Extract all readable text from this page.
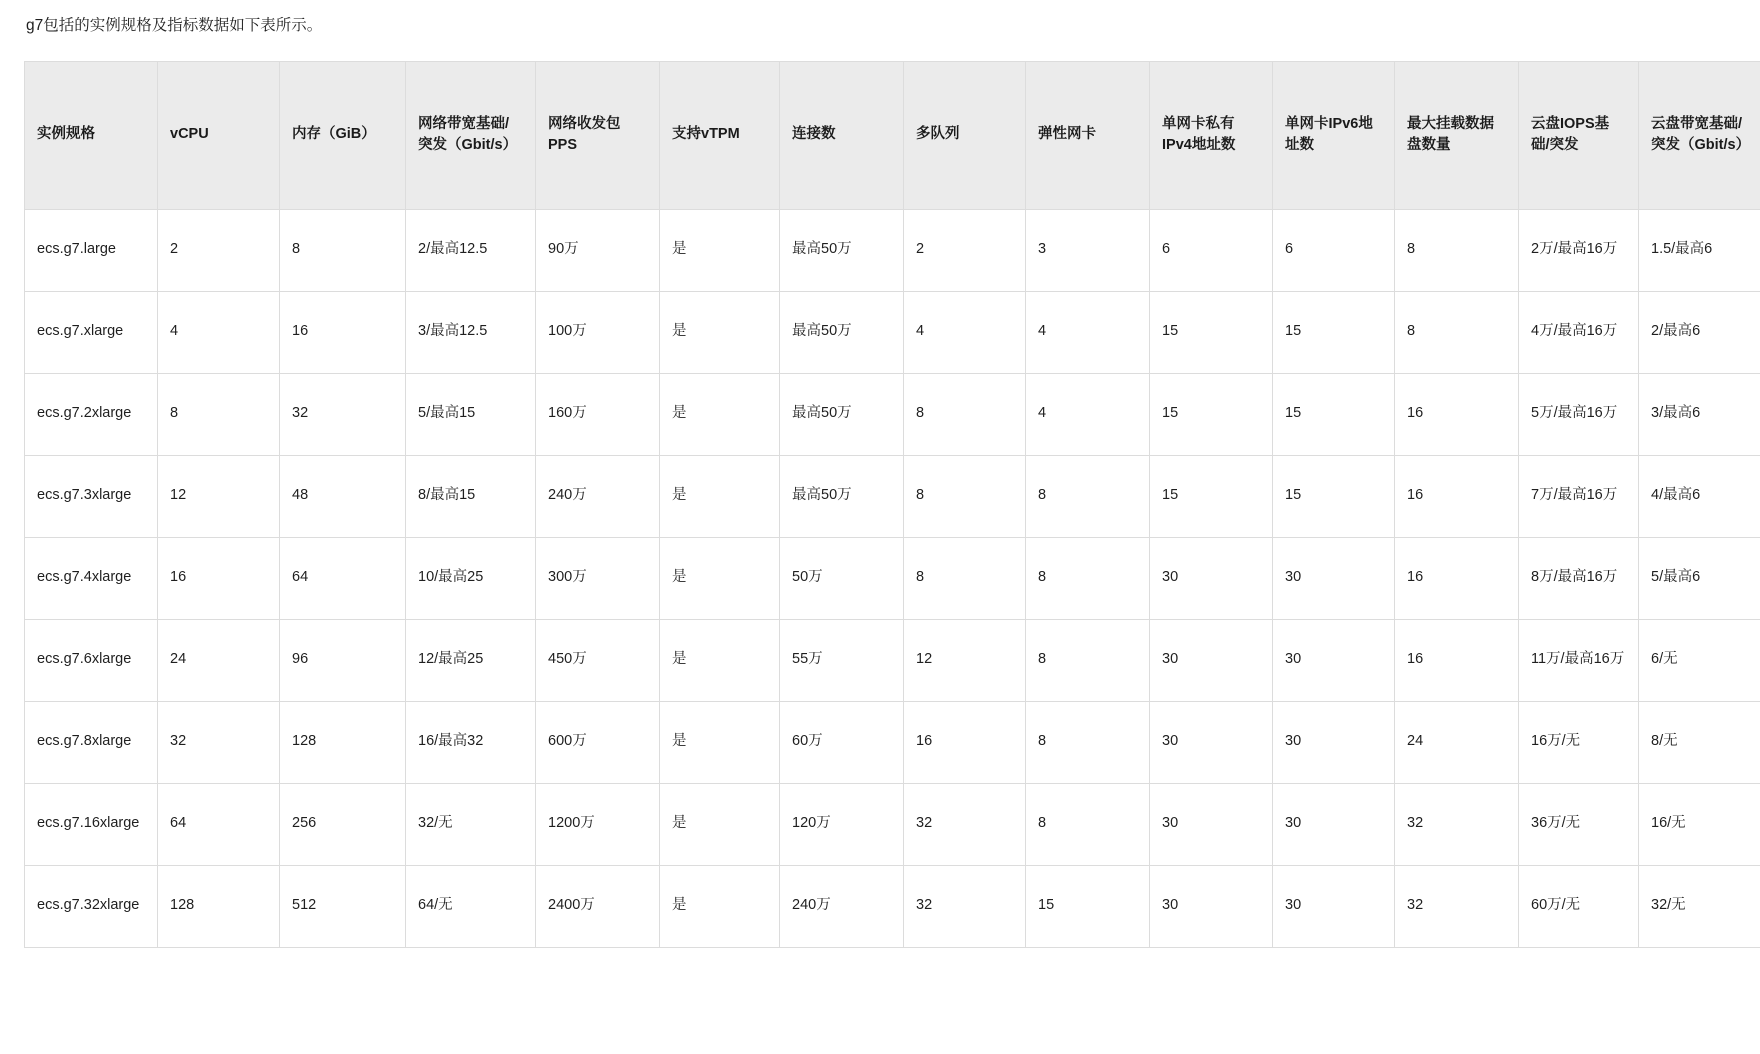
g7包括的实例规格及指标数据如下表所示。

实例规格	vCPU	内存（GiB）	网络带宽基础/突发（Gbit/s）	网络收发包PPS	支持vTPM	连接数	多队列	弹性网卡	单网卡私有IPv4地址数	单网卡IPv6地址数	最大挂载数据盘数量	云盘IOPS基础/突发	云盘带宽基础/突发（Gbit/s）
ecs.g7.large	2	8	2/最高12.5	90万	是	最高50万	2	3	6	6	8	2万/最高16万	1.5/最高6
ecs.g7.xlarge	4	16	3/最高12.5	100万	是	最高50万	4	4	15	15	8	4万/最高16万	2/最高6
ecs.g7.2xlarge	8	32	5/最高15	160万	是	最高50万	8	4	15	15	16	5万/最高16万	3/最高6
ecs.g7.3xlarge	12	48	8/最高15	240万	是	最高50万	8	8	15	15	16	7万/最高16万	4/最高6
ecs.g7.4xlarge	16	64	10/最高25	300万	是	50万	8	8	30	30	16	8万/最高16万	5/最高6
ecs.g7.6xlarge	24	96	12/最高25	450万	是	55万	12	8	30	30	16	11万/最高16万	6/无
ecs.g7.8xlarge	32	128	16/最高32	600万	是	60万	16	8	30	30	24	16万/无	8/无
ecs.g7.16xlarge	64	256	32/无	1200万	是	120万	32	8	30	30	32	36万/无	16/无
ecs.g7.32xlarge	128	512	64/无	2400万	是	240万	32	15	30	30	32	60万/无	32/无
